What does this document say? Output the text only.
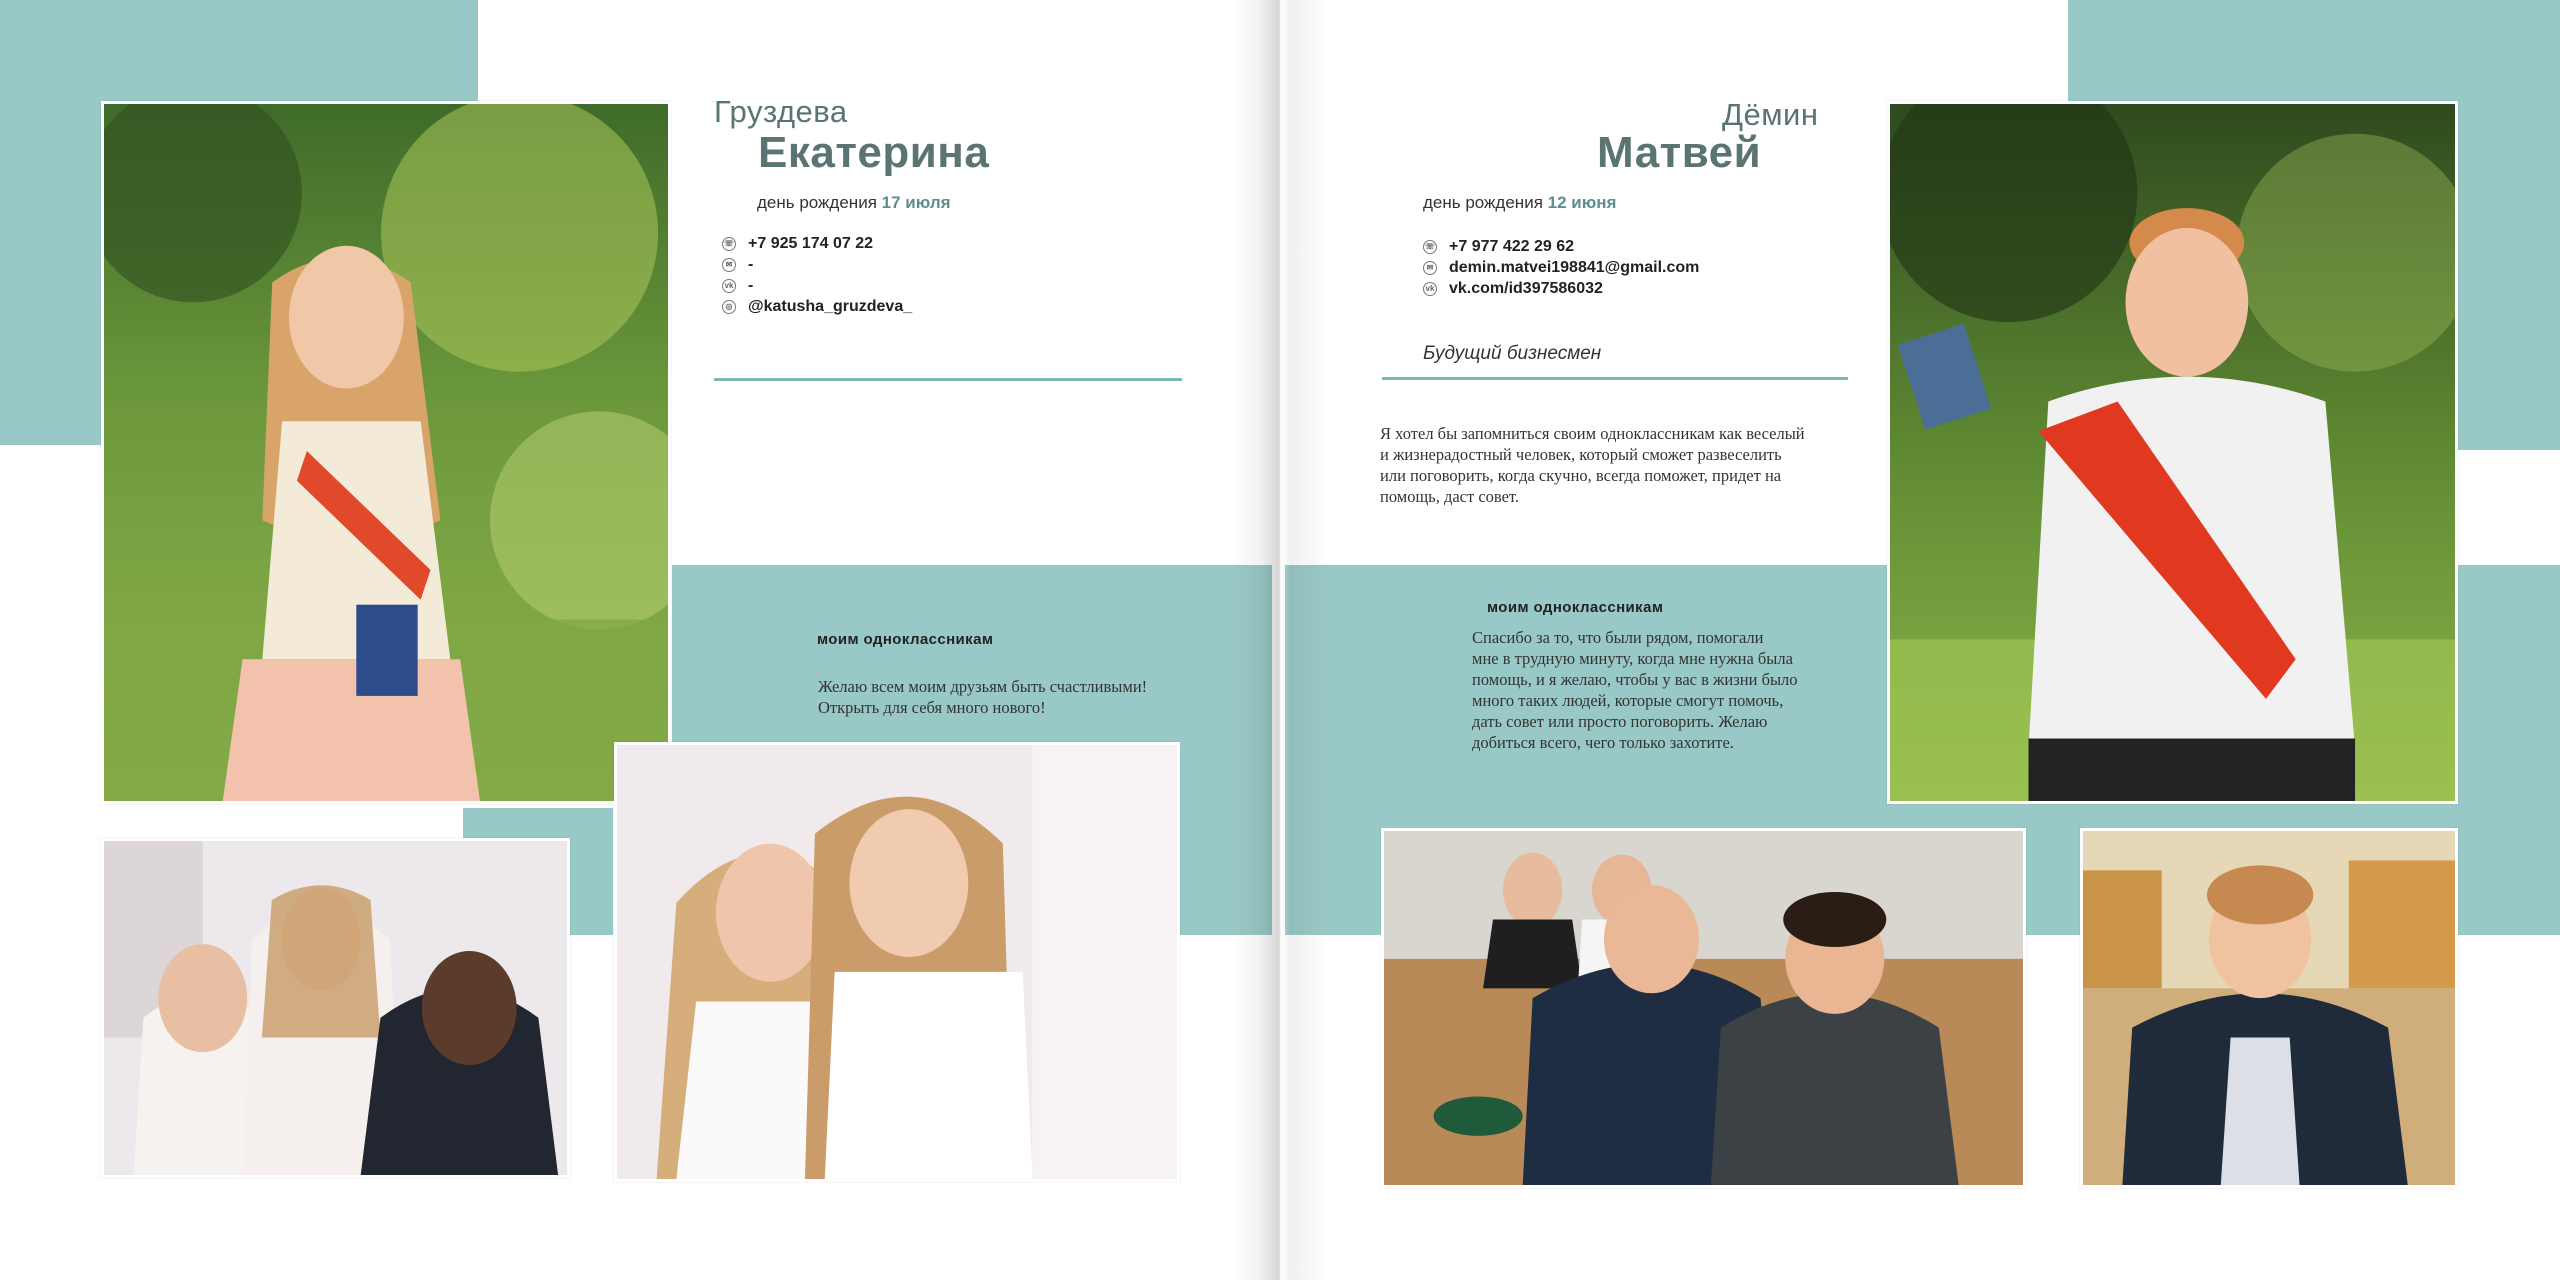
Груздева
Екатерина
день рождения 17 июля
☏ +7 925 174 07 22
✉ -
vk -
◎ @katusha_gruzdeva_
моим одноклассникам
Желаю всем моим друзьям быть счастливыми!
Открыть для себя много нового!
Дёмин
Матвей
день рождения 12 июня
☏ +7 977 422 29 62
✉ demin.matvei198841@gmail.com
vk vk.com/id397586032
Будущий бизнесмен
Я хотел бы запомниться своим одноклассникам как веселый
и жизнерадостный человек, который сможет развеселить
или поговорить, когда скучно, всегда поможет, придет на
помощь, даст совет.
моим одноклассникам
Спасибо за то, что были рядом, помогали
мне в трудную минуту, когда мне нужна была
помощь, и я желаю, чтобы у вас в жизни было
много таких людей, которые смогут помочь,
дать совет или просто поговорить. Желаю
добиться всего, чего только захотите.
